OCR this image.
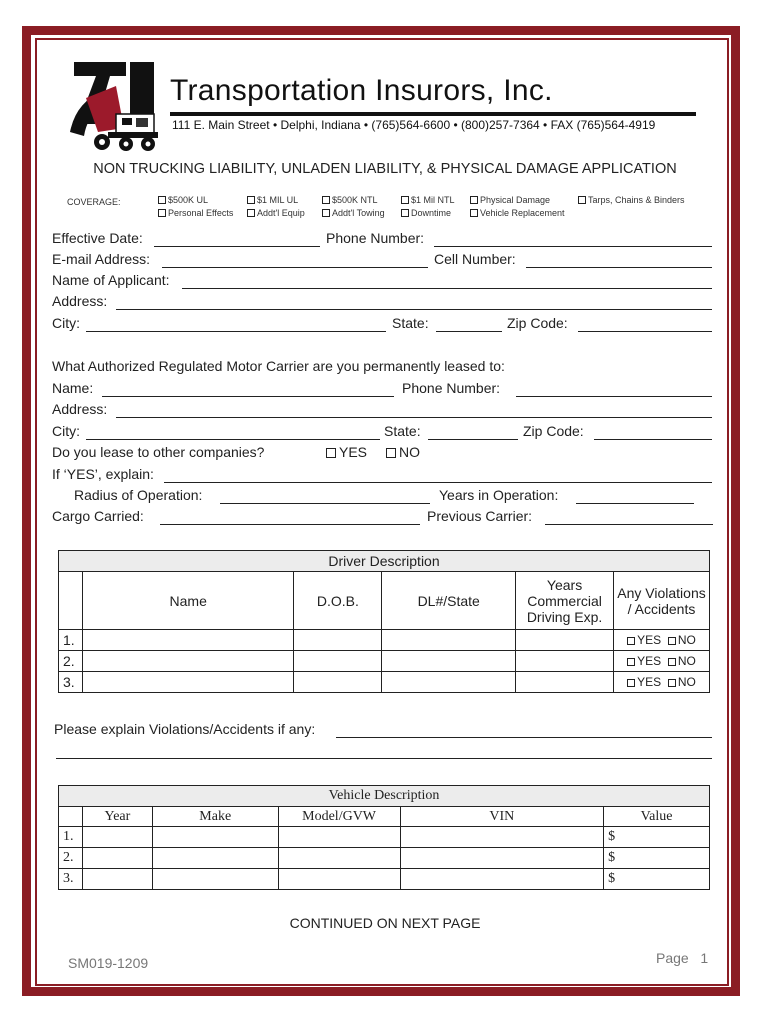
Transportation Insurors, Inc.
111 E. Main Street • Delphi, Indiana • (765)564-6600 • (800)257-7364 • FAX (765)564-4919
NON TRUCKING LIABILITY, UNLADEN LIABILITY, & PHYSICAL DAMAGE APPLICATION
COVERAGE:	$500K UL	$1 MIL UL	$500K NTL	$1 Mil NTL	Physical Damage	Tarps, Chains & Binders
Personal Effects	Addt'l Equip	Addt'l Towing	Downtime	Vehicle Replacement
Effective Date:	Phone Number:
E-mail Address:	Cell Number:
Name of Applicant:
Address:
City:	State:	Zip Code:
What Authorized Regulated Motor Carrier are you permanently leased to:
Name:	Phone Number:
Address:
City:	State:	Zip Code:
Do you lease to other companies?	YES	NO
If ‘YES’, explain:
Radius of Operation:	Years in Operation:
Cargo Carried:	Previous Carrier:
Driver Description					
	Name	D.O.B.	DL#/State	Years Commercial Driving Exp.	Any Violations / Accidents
1.					YES NO
2.					YES NO
3.					YES NO
Please explain Violations/Accidents if any:
Vehicle Description					
	Year	Make	Model/GVW	VIN	Value
1.					$
2.					$
3.					$
CONTINUED ON NEXT PAGE
SM019-1209	Page   1
